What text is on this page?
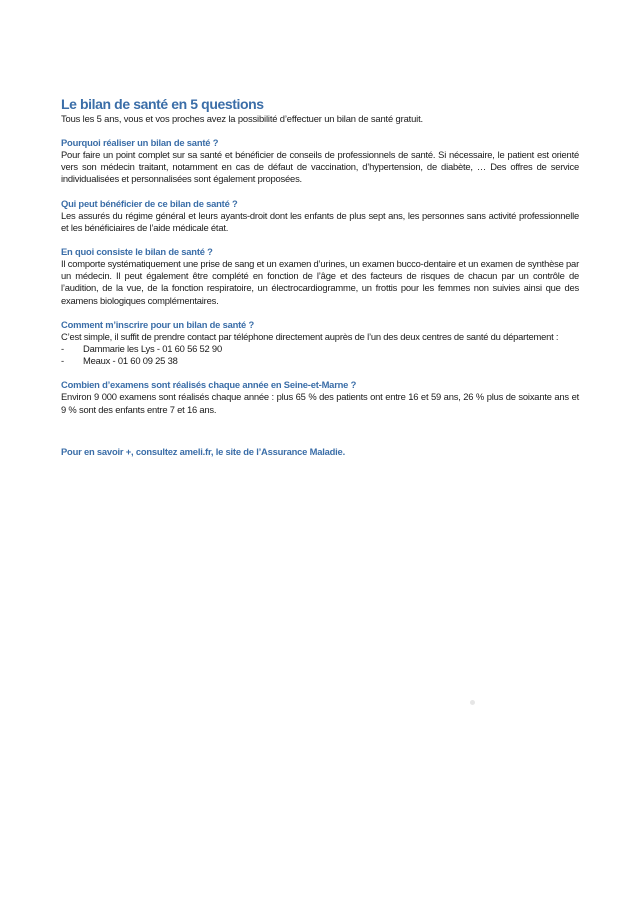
Le bilan de santé en 5 questions

Tous les 5 ans, vous et vos proches avez la possibilité d’effectuer un bilan de santé gratuit.

Pourquoi réaliser un bilan de santé ?

Pour faire un point complet sur sa santé et bénéficier de conseils de professionnels de santé. Si nécessaire, le patient est orienté vers son médecin traitant, notamment en cas de défaut de vaccination, d’hypertension, de diabète, … Des offres de service individualisées et personnalisées sont également proposées.

Qui peut bénéficier de ce bilan de santé ?

Les assurés du régime général et leurs ayants-droit dont les enfants de plus sept ans, les personnes sans activité professionnelle et les bénéficiaires de l’aide médicale état.

En quoi consiste le bilan de santé ?

Il comporte systématiquement une prise de sang et un examen d’urines, un examen bucco-dentaire et un examen de synthèse par un médecin. Il peut également être complété en fonction de l’âge et des facteurs de risques de chacun par un contrôle de l’audition, de la vue, de la fonction respiratoire, un électrocardiogramme, un frottis pour les femmes non suivies ainsi que des examens biologiques complémentaires.

Comment m’inscrire pour un bilan de santé ?

C’est simple, il suffit de prendre contact par téléphone directement auprès de l’un des deux centres de santé du département :

-	Dammarie les Lys - 01 60 56 52 90
-	Meaux - 01 60 09 25 38

Combien d’examens sont réalisés chaque année en Seine-et-Marne ?

Environ 9 000 examens sont réalisés chaque année : plus 65 % des patients ont entre 16 et 59 ans, 26 % plus de soixante ans et 9 % sont des enfants entre 7 et 16 ans.

Pour en savoir +, consultez ameli.fr, le site de l’Assurance Maladie.
